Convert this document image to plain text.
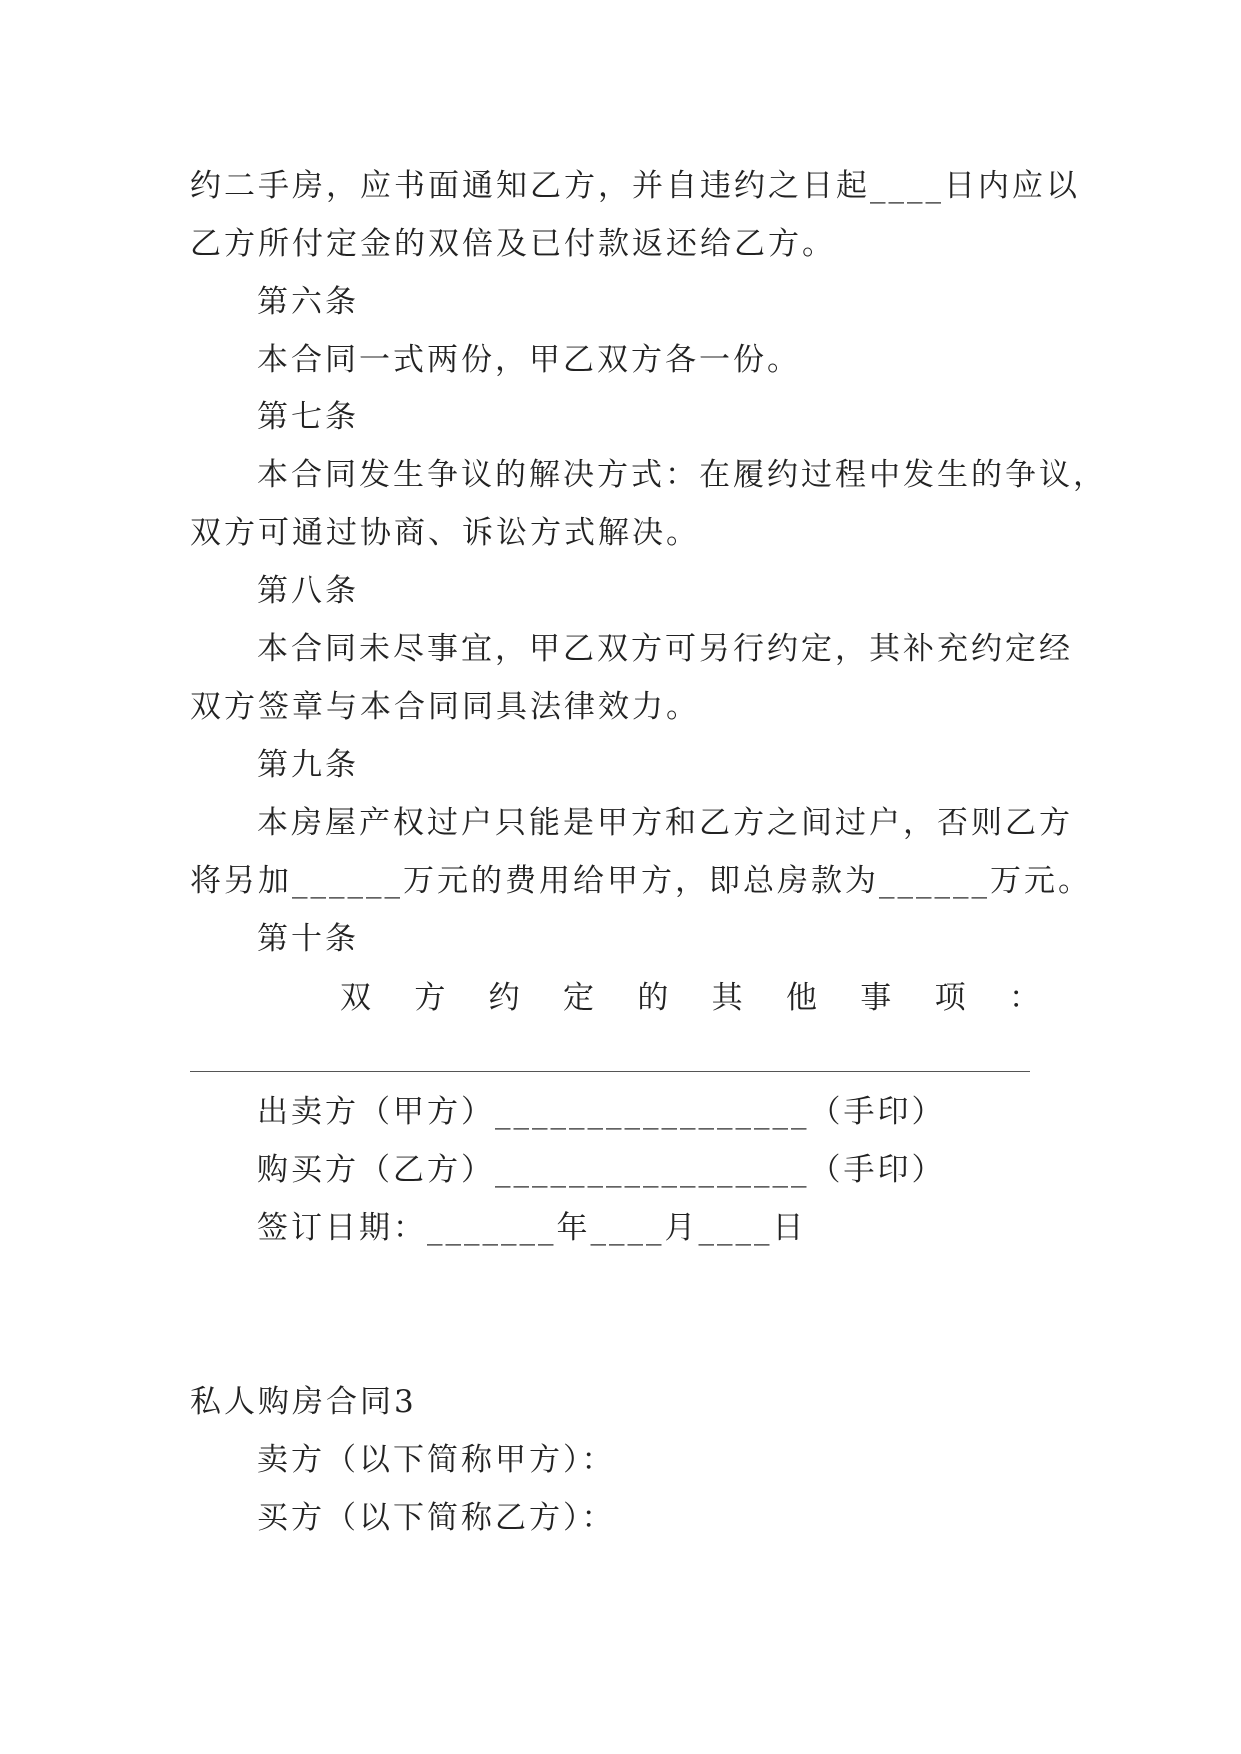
约二手房，应书面通知乙方，并自违约之日起____日内应以
乙方所付定金的双倍及已付款返还给乙方。
第六条
本合同一式两份，甲乙双方各一份。
第七条
本合同发生争议的解决方式：在履约过程中发生的争议，
双方可通过协商、诉讼方式解决。
第八条
本合同未尽事宜，甲乙双方可另行约定，其补充约定经
双方签章与本合同同具法律效力。
第九条
本房屋产权过户只能是甲方和乙方之间过户，否则乙方
将另加______万元的费用给甲方，即总房款为______万元。
第十条
双 方 约 定 的 其 他 事 项 ：
出卖方（甲方）_________________（手印）
购买方（乙方）_________________（手印）
签订日期：_______年____月____日
私人购房合同3
卖方（以下简称甲方）：
买方（以下简称乙方）：
